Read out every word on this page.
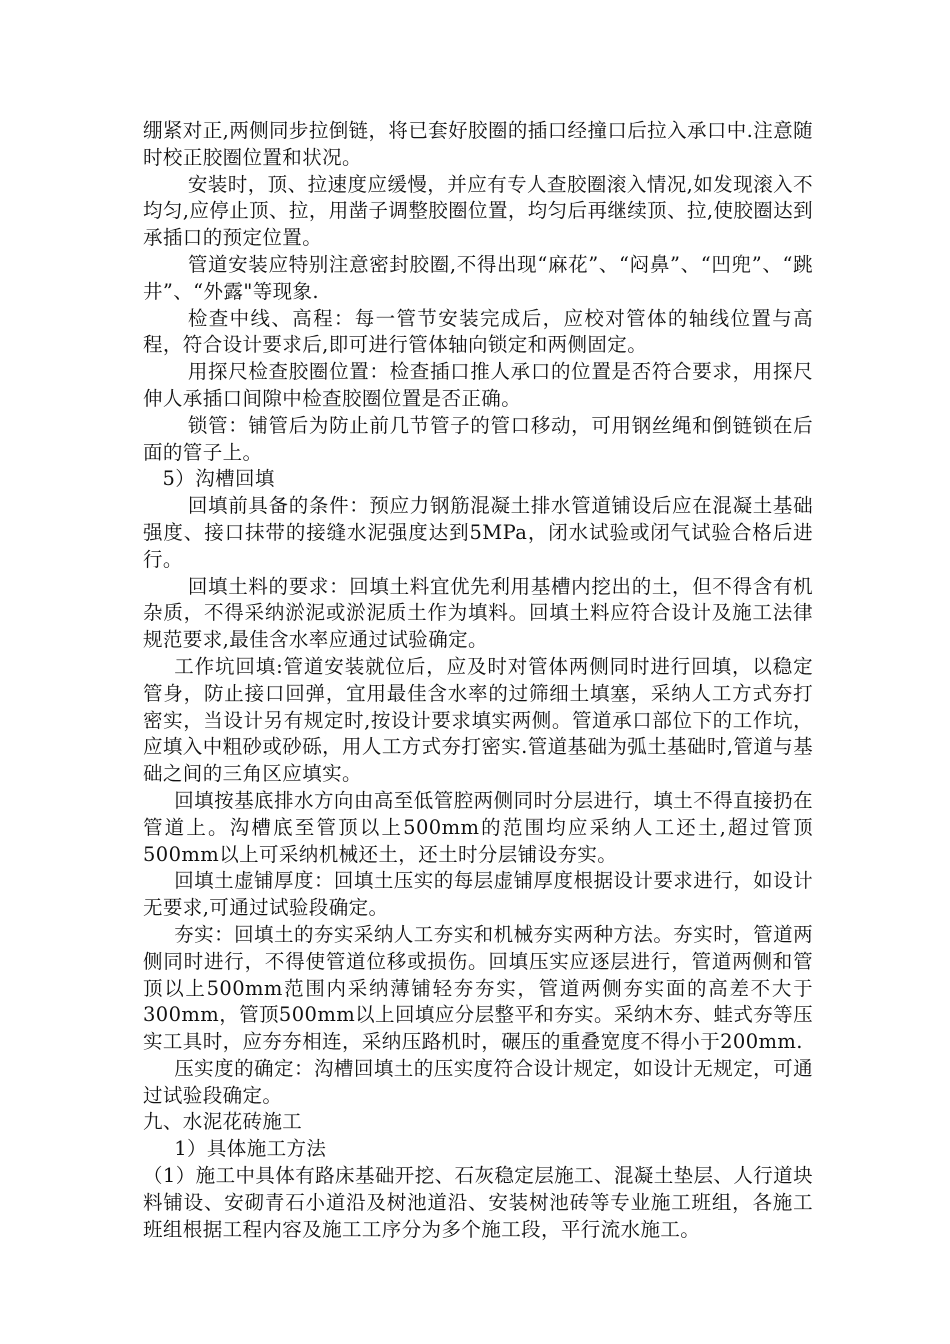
绷紧对正,两侧同步拉倒链，将已套好胶圈的插口经撞口后拉入承口中.注意随时校正胶圈位置和状况。

安装时，顶、拉速度应缓慢，并应有专人查胶圈滚入情况,如发现滚入不均匀,应停止顶、拉，用凿子调整胶圈位置，均匀后再继续顶、拉,使胶圈达到承插口的预定位置。

管道安装应特别注意密封胶圈,不得出现“麻花”、“闷鼻”、“凹兜”、“跳井”、“外露"等现象.

检查中线、高程：每一管节安装完成后，应校对管体的轴线位置与高程，符合设计要求后,即可进行管体轴向锁定和两侧固定。

用探尺检查胶圈位置：检查插口推人承口的位置是否符合要求，用探尺伸人承插口间隙中检查胶圈位置是否正确。

锁管：铺管后为防止前几节管子的管口移动，可用钢丝绳和倒链锁在后面的管子上。

5）沟槽回填

回填前具备的条件：预应力钢筋混凝土排水管道铺设后应在混凝土基础强度、接口抹带的接缝水泥强度达到5MPa，闭水试验或闭气试验合格后进行。

回填土料的要求：回填土料宜优先利用基槽内挖出的土，但不得含有机杂质，不得采纳淤泥或淤泥质土作为填料。回填土料应符合设计及施工法律规范要求,最佳含水率应通过试验确定。

工作坑回填:管道安装就位后，应及时对管体两侧同时进行回填，以稳定管身，防止接口回弹，宜用最佳含水率的过筛细土填塞，采纳人工方式夯打密实，当设计另有规定时,按设计要求填实两侧。管道承口部位下的工作坑，应填入中粗砂或砂砾，用人工方式夯打密实.管道基础为弧土基础时,管道与基础之间的三角区应填实。

回填按基底排水方向由高至低管腔两侧同时分层进行，填土不得直接扔在管道上。沟槽底至管顶以上500mm的范围均应采纳人工还土,超过管顶500mm以上可采纳机械还土，还土时分层铺设夯实。

回填土虚铺厚度：回填土压实的每层虚铺厚度根据设计要求进行，如设计无要求,可通过试验段确定。

夯实：回填土的夯实采纳人工夯实和机械夯实两种方法。夯实时，管道两侧同时进行，不得使管道位移或损伤。回填压实应逐层进行，管道两侧和管顶以上500mm范围内采纳薄铺轻夯夯实，管道两侧夯实面的高差不大于300mm，管顶500mm以上回填应分层整平和夯实。采纳木夯、蛙式夯等压实工具时，应夯夯相连，采纳压路机时，碾压的重叠宽度不得小于200mm.

压实度的确定：沟槽回填土的压实度符合设计规定，如设计无规定，可通过试验段确定。

九、水泥花砖施工

1）具体施工方法

（1）施工中具体有路床基础开挖、石灰稳定层施工、混凝土垫层、人行道块料铺设、安砌青石小道沿及树池道沿、安装树池砖等专业施工班组，各施工班组根据工程内容及施工工序分为多个施工段，平行流水施工。
